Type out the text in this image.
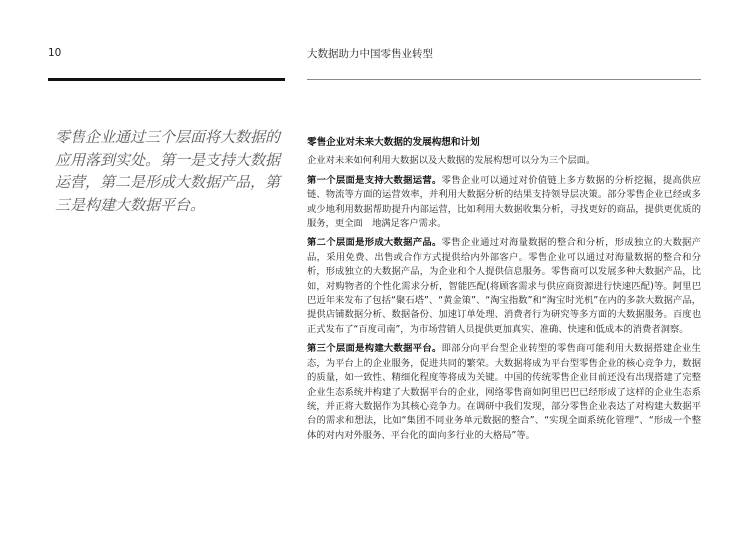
10	大数据助力中国零售业转型

零售企业通过三个层面将大数据的应用落到实处。第一是支持大数据运营，第二是形成大数据产品，第三是构建大数据平台。

零售企业对未来大数据的发展构想和计划

企业对未来如何利用大数据以及大数据的发展构想可以分为三个层面。

第一个层面是支持大数据运营。零售企业可以通过对价值链上多方数据的分析挖掘，提高供应链、物流等方面的运营效率，并利用大数据分析的结果支持领导层决策。部分零售企业已经或多或少地利用数据帮助提升内部运营，比如利用大数据收集分析，寻找更好的商品，提供更优质的服务，更全面　地满足客户需求。

第二个层面是形成大数据产品。零售企业通过对海量数据的整合和分析，形成独立的大数据产品，采用免费、出售或合作方式提供给内外部客户。零售企业可以通过对海量数据的整合和分析，形成独立的大数据产品，为企业和个人提供信息服务。零售商可以发展多种大数据产品，比如，对购物者的个性化需求分析，智能匹配(将顾客需求与供应商资源进行快速匹配)等。阿里巴巴近年来发布了包括“聚石塔”、“黄金策”、“淘宝指数”和“淘宝时光机”在内的多款大数据产品，提供店铺数据分析、数据备份、加速订单处理、消费者行为研究等多方面的大数据服务。百度也正式发布了“百度司南”，为市场营销人员提供更加真实、准确、快速和低成本的消费者洞察。

第三个层面是构建大数据平台。即部分向平台型企业转型的零售商可能利用大数据搭建企业生态，为平台上的企业服务，促进共同的繁荣。大数据将成为平台型零售企业的核心竞争力，数据的质量，如一致性、精细化程度等将成为关键。中国的传统零售企业目前还没有出现搭建了完整企业生态系统并构建了大数据平台的企业，网络零售商如阿里巴巴已经形成了这样的企业生态系统，并正将大数据作为其核心竞争力。在调研中我们发现，部分零售企业表达了对构建大数据平台的需求和想法，比如“集团不同业务单元数据的整合”、“实现全面系统化管理”、“形成一个整体的对内对外服务、平台化的面向多行业的大格局”等。
